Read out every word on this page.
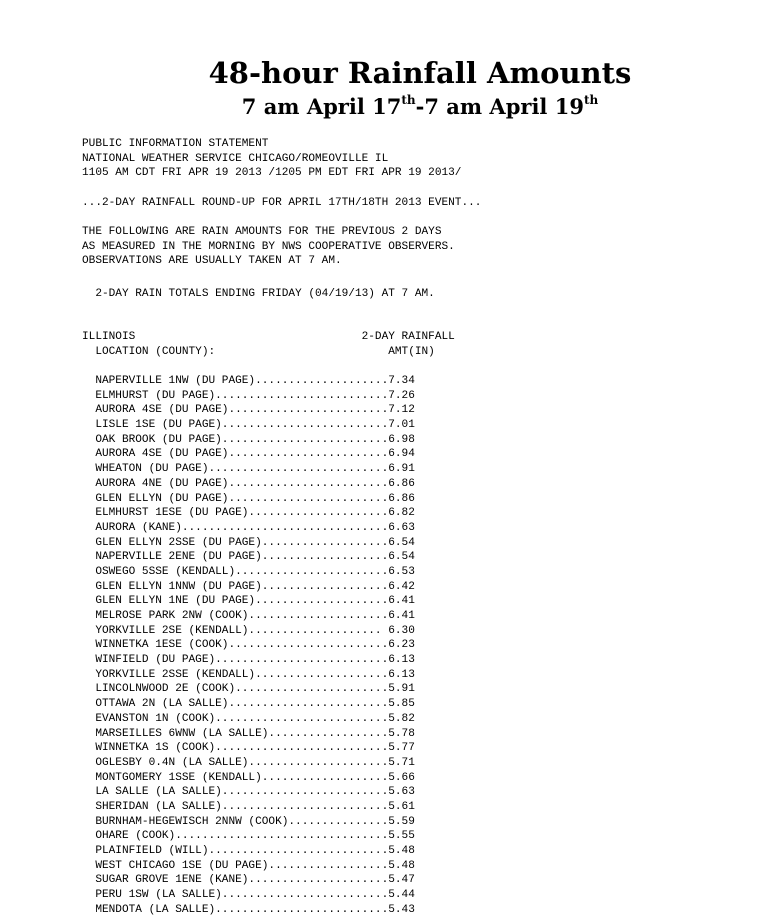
48-hour Rainfall Amounts
7 am April 17th-7 am April 19th
PUBLIC INFORMATION STATEMENT
NATIONAL WEATHER SERVICE CHICAGO/ROMEOVILLE IL
1105 AM CDT FRI APR 19 2013 /1205 PM EDT FRI APR 19 2013/
...2-DAY RAINFALL ROUND-UP FOR APRIL 17TH/18TH 2013 EVENT...
THE FOLLOWING ARE RAIN AMOUNTS FOR THE PREVIOUS 2 DAYS
AS MEASURED IN THE MORNING BY NWS COOPERATIVE OBSERVERS.
OBSERVATIONS ARE USUALLY TAKEN AT 7 AM.
2-DAY RAIN TOTALS ENDING FRIDAY (04/19/13) AT 7 AM.
ILLINOIS                                  2-DAY RAINFALL
LOCATION (COUNTY):                          AMT(IN)
NAPERVILLE 1NW (DU PAGE)....................7.34
ELMHURST (DU PAGE)..........................7.26
AURORA 4SE (DU PAGE)........................7.12
LISLE 1SE (DU PAGE).........................7.01
OAK BROOK (DU PAGE).........................6.98
AURORA 4SE (DU PAGE)........................6.94
WHEATON (DU PAGE)...........................6.91
AURORA 4NE (DU PAGE)........................6.86
GLEN ELLYN (DU PAGE)........................6.86
ELMHURST 1ESE (DU PAGE).....................6.82
AURORA (KANE)...............................6.63
GLEN ELLYN 2SSE (DU PAGE)...................6.54
NAPERVILLE 2ENE (DU PAGE)...................6.54
OSWEGO 5SSE (KENDALL).......................6.53
GLEN ELLYN 1NNW (DU PAGE)...................6.42
GLEN ELLYN 1NE (DU PAGE)....................6.41
MELROSE PARK 2NW (COOK).....................6.41
YORKVILLE 2SE (KENDALL).................... 6.30
WINNETKA 1ESE (COOK)........................6.23
WINFIELD (DU PAGE)..........................6.13
YORKVILLE 2SSE (KENDALL)....................6.13
LINCOLNWOOD 2E (COOK).......................5.91
OTTAWA 2N (LA SALLE)........................5.85
EVANSTON 1N (COOK)..........................5.82
MARSEILLES 6WNW (LA SALLE)..................5.78
WINNETKA 1S (COOK)..........................5.77
OGLESBY 0.4N (LA SALLE).....................5.71
MONTGOMERY 1SSE (KENDALL)...................5.66
LA SALLE (LA SALLE).........................5.63
SHERIDAN (LA SALLE).........................5.61
BURNHAM-HEGEWISCH 2NNW (COOK)...............5.59
OHARE (COOK)................................5.55
PLAINFIELD (WILL)...........................5.48
WEST CHICAGO 1SE (DU PAGE)..................5.48
SUGAR GROVE 1ENE (KANE).....................5.47
PERU 1SW (LA SALLE).........................5.44
MENDOTA (LA SALLE)..........................5.43
